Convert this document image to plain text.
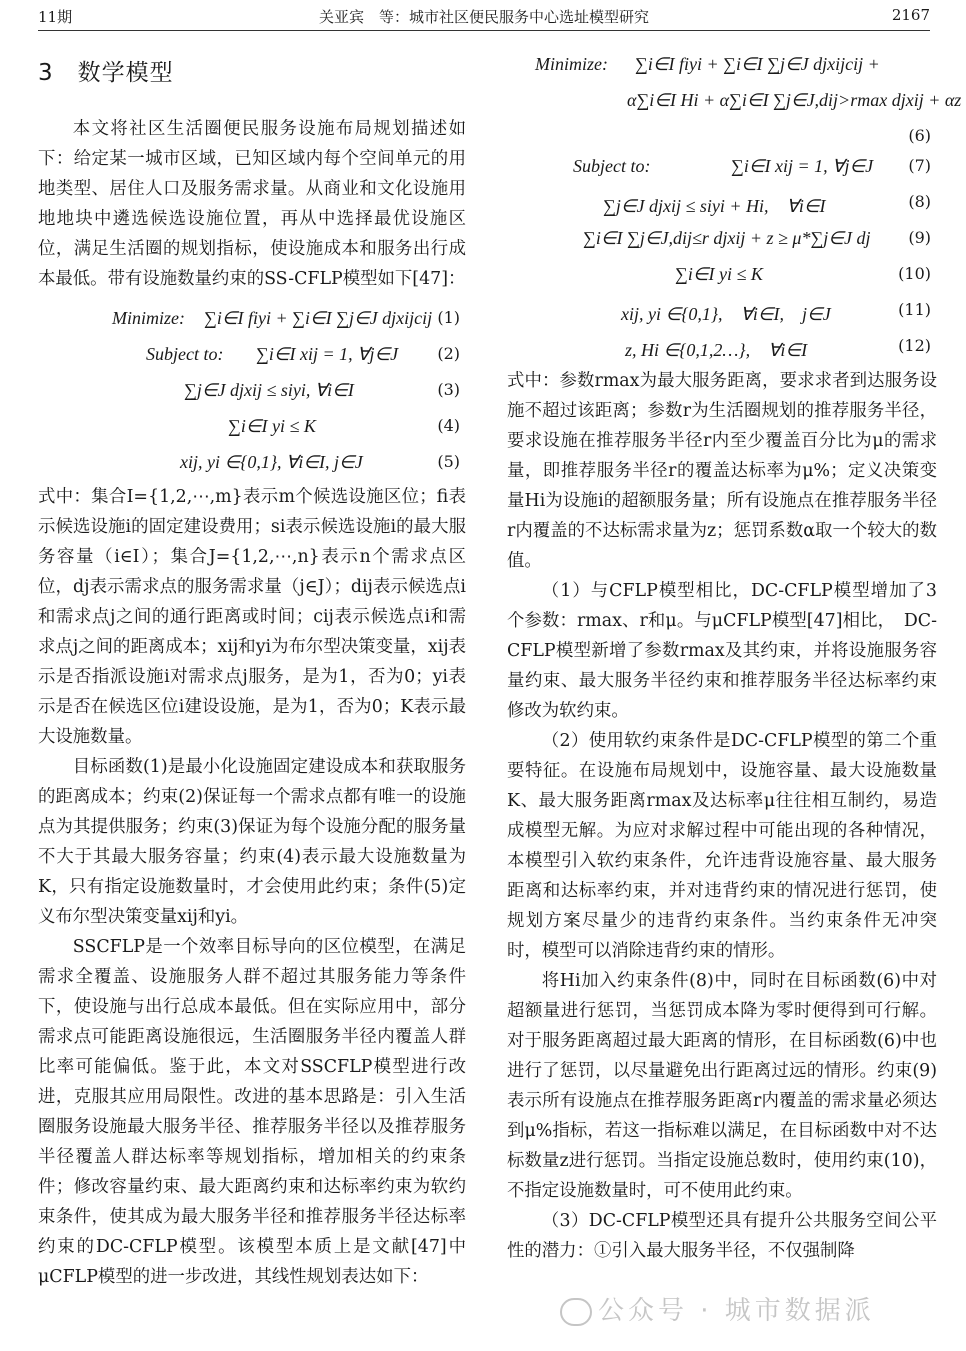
11期	关亚宾　等：城市社区便民服务中心选址模型研究	2167
3　数学模型

本文将社区生活圈便民服务设施布局规划描述如下：给定某一城市区域，已知区域内每个空间单元的用地类型、居住人口及服务需求量。从商业和文化设施用地地块中遴选候选设施位置，再从中选择最优设施区位，满足生活圈的规划指标，使设施成本和服务出行成本最低。带有设施数量约束的SS-CFLP模型如下[47]：

Minimize: ∑i∈I fiyi + ∑i∈I ∑j∈J djxijcij (1)
Subject to: ∑i∈I xij = 1, ∀j∈J (2)
∑j∈J djxij ≤ siyi, ∀i∈I	(3)
∑i∈I yi ≤ K	(4)
xij, yi ∈{0,1}, ∀i∈I, j∈J	(5)

式中：集合I={1,2,⋯,m}表示m个候选设施区位；fi表示候选设施i的固定建设费用；si表示候选设施i的最大服务容量（i∈I）；集合J={1,2,⋯,n}表示n个需求点区位，dj表示需求点的服务需求量（j∈J）；dij表示候选点i和需求点j之间的通行距离或时间；cij表示候选点i和需求点j之间的距离成本；xij和yi为布尔型决策变量，xij表示是否指派设施i对需求点j服务，是为1，否为0；yi表示是否在候选区位i建设设施，是为1，否为0；K表示最大设施数量。

目标函数(1)是最小化设施固定建设成本和获取服务的距离成本；约束(2)保证每一个需求点都有唯一的设施点为其提供服务；约束(3)保证为每个设施分配的服务量不大于其最大服务容量；约束(4)表示最大设施数量为K，只有指定设施数量时，才会使用此约束；条件(5)定义布尔型决策变量xij和yi。

SSCFLP是一个效率目标导向的区位模型，在满足需求全覆盖、设施服务人群不超过其服务能力等条件下，使设施与出行总成本最低。但在实际应用中，部分需求点可能距离设施很远，生活圈服务半径内覆盖人群比率可能偏低。鉴于此，本文对SSCFLP模型进行改进，克服其应用局限性。改进的基本思路是：引入生活圈服务设施最大服务半径、推荐服务半径以及推荐服务半径覆盖人群达标率等规划指标，增加相关的约束条件；修改容量约束、最大距离约束和达标率约束为软约束条件，使其成为最大服务半径和推荐服务半径达标率约束的DC-CFLP模型。该模型本质上是文献[47]中μCFLP模型的进一步改进，其线性规划表达如下：

Minimize: ∑i∈I fiyi + ∑i∈I ∑j∈J djxijcij +
α∑i∈I Hi + α∑i∈I ∑j∈J,dij>rmax djxij + αz
(6)
Subject to:	∑i∈I xij = 1, ∀j∈J (7)
∑j∈J djxij ≤ siyi + Hi,　∀i∈I	(8)
∑i∈I ∑j∈J,dij≤r djxij + z ≥ μ*∑j∈J dj (9)
∑i∈I yi ≤ K	(10)
xij, yi ∈{0,1},　∀i∈I,　j∈J	(11)
z, Hi ∈{0,1,2…},　∀i∈I	(12)

式中：参数rmax为最大服务距离，要求求者到达服务设施不超过该距离；参数r为生活圈规划的推荐服务半径，要求设施在推荐服务半径r内至少覆盖百分比为μ的需求量，即推荐服务半径r的覆盖达标率为μ%；定义决策变量Hi为设施i的超额服务量；所有设施点在推荐服务半径r内覆盖的不达标需求量为z；惩罚系数α取一个较大的数值。

（1）与CFLP模型相比，DC-CFLP模型增加了3个参数：rmax、r和μ。与μCFLP模型[47]相比，　DC-CFLP模型新增了参数rmax及其约束，并将设施服务容量约束、最大服务半径约束和推荐服务半径达标率约束修改为软约束。

（2）使用软约束条件是DC-CFLP模型的第二个重要特征。在设施布局规划中，设施容量、最大设施数量K、最大服务距离rmax及达标率μ往往相互制约，易造成模型无解。为应对求解过程中可能出现的各种情况，本模型引入软约束条件，允许违背设施容量、最大服务距离和达标率约束，并对违背约束的情况进行惩罚，使规划方案尽量少的违背约束条件。当约束条件无冲突时，模型可以消除违背约束的情形。

将Hi加入约束条件(8)中，同时在目标函数(6)中对超额量进行惩罚，当惩罚成本降为零时便得到可行解。对于服务距离超过最大距离的情形，在目标函数(6)中也进行了惩罚，以尽量避免出行距离过远的情形。约束(9)表示所有设施点在推荐服务距离r内覆盖的需求量必须达到μ%指标，若这一指标难以满足，在目标函数中对不达标数量z进行惩罚。当指定设施总数时，使用约束(10)，不指定设施数量时，可不使用此约束。

（3）DC-CFLP模型还具有提升公共服务空间公平性的潜力：①引入最大服务半径，不仅强制降

公众号 · 城市数据派
